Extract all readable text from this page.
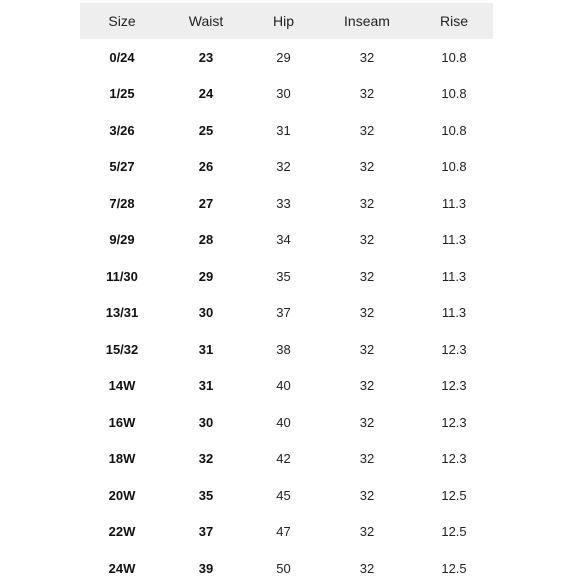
Size	Waist	Hip	Inseam	Rise
0/24	23	29	32	10.8
1/25	24	30	32	10.8
3/26	25	31	32	10.8
5/27	26	32	32	10.8
7/28	27	33	32	11.3
9/29	28	34	32	11.3
11/30	29	35	32	11.3
13/31	30	37	32	11.3
15/32	31	38	32	12.3
14W	31	40	32	12.3
16W	30	40	32	12.3
18W	32	42	32	12.3
20W	35	45	32	12.5
22W	37	47	32	12.5
24W	39	50	32	12.5
